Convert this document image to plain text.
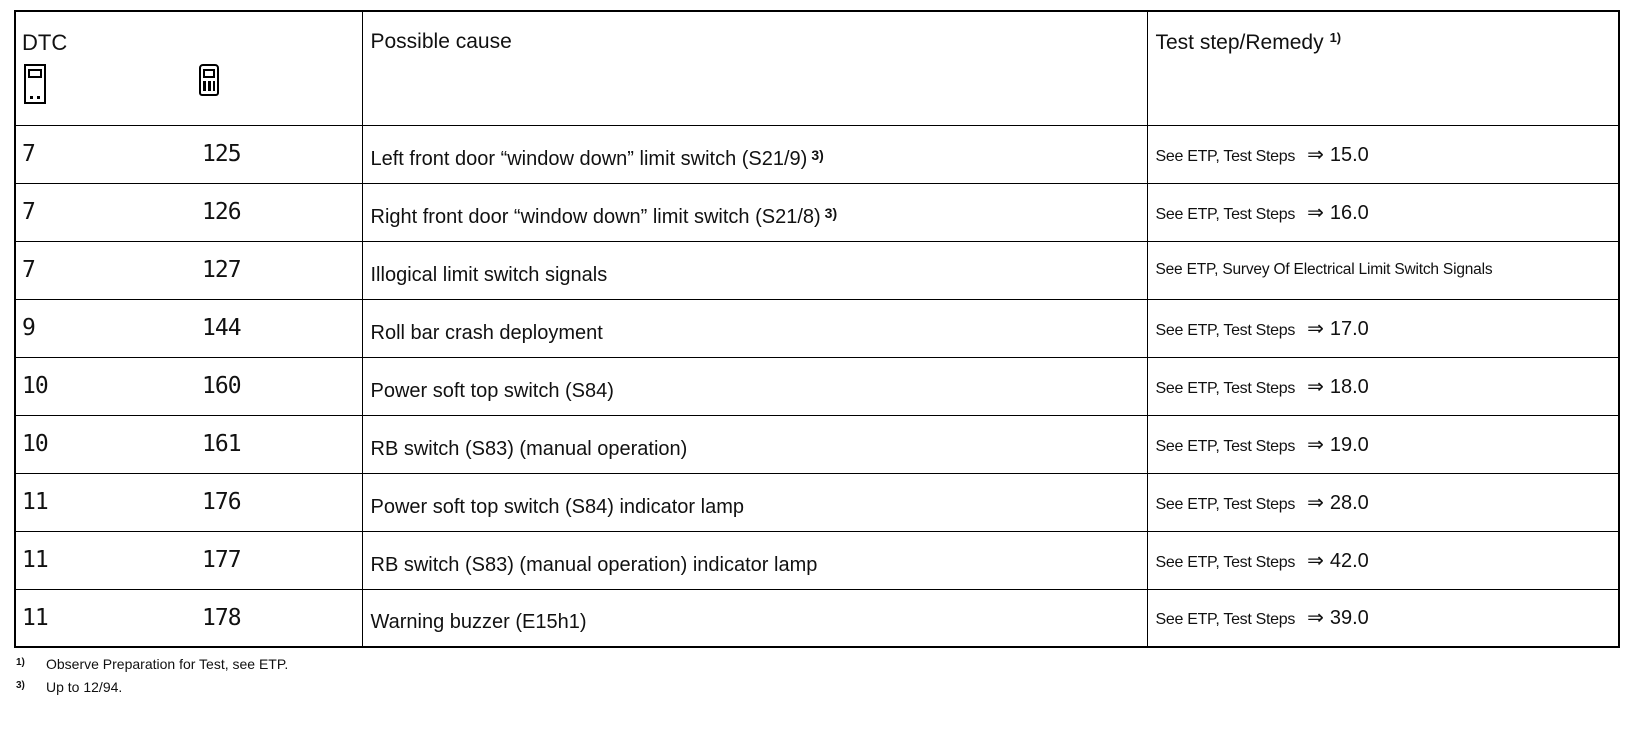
DTC		Possible cause	Test step/Remedy $^{1)}$

7	125	Left front door “window down” limit switch (S21/9) $^{3)}$	See ETP, Test Steps ⇒ 15.0
7	126	Right front door “window down” limit switch (S21/8) $^{3)}$	See ETP, Test Steps ⇒ 16.0
7	127	Illogical limit switch signals	See ETP, Survey Of Electrical Limit Switch Signals
9	144	Roll bar crash deployment	See ETP, Test Steps ⇒ 17.0
10	160	Power soft top switch (S84)	See ETP, Test Steps ⇒ 18.0
10	161	RB switch (S83) (manual operation)	See ETP, Test Steps ⇒ 19.0
11	176	Power soft top switch (S84) indicator lamp	See ETP, Test Steps ⇒ 28.0
11	177	RB switch (S83) (manual operation) indicator lamp	See ETP, Test Steps ⇒ 42.0
11	178	Warning buzzer (E15h1)	See ETP, Test Steps ⇒ 39.0
1) Observe Preparation for Test, see ETP.
3) Up to 12/94.
